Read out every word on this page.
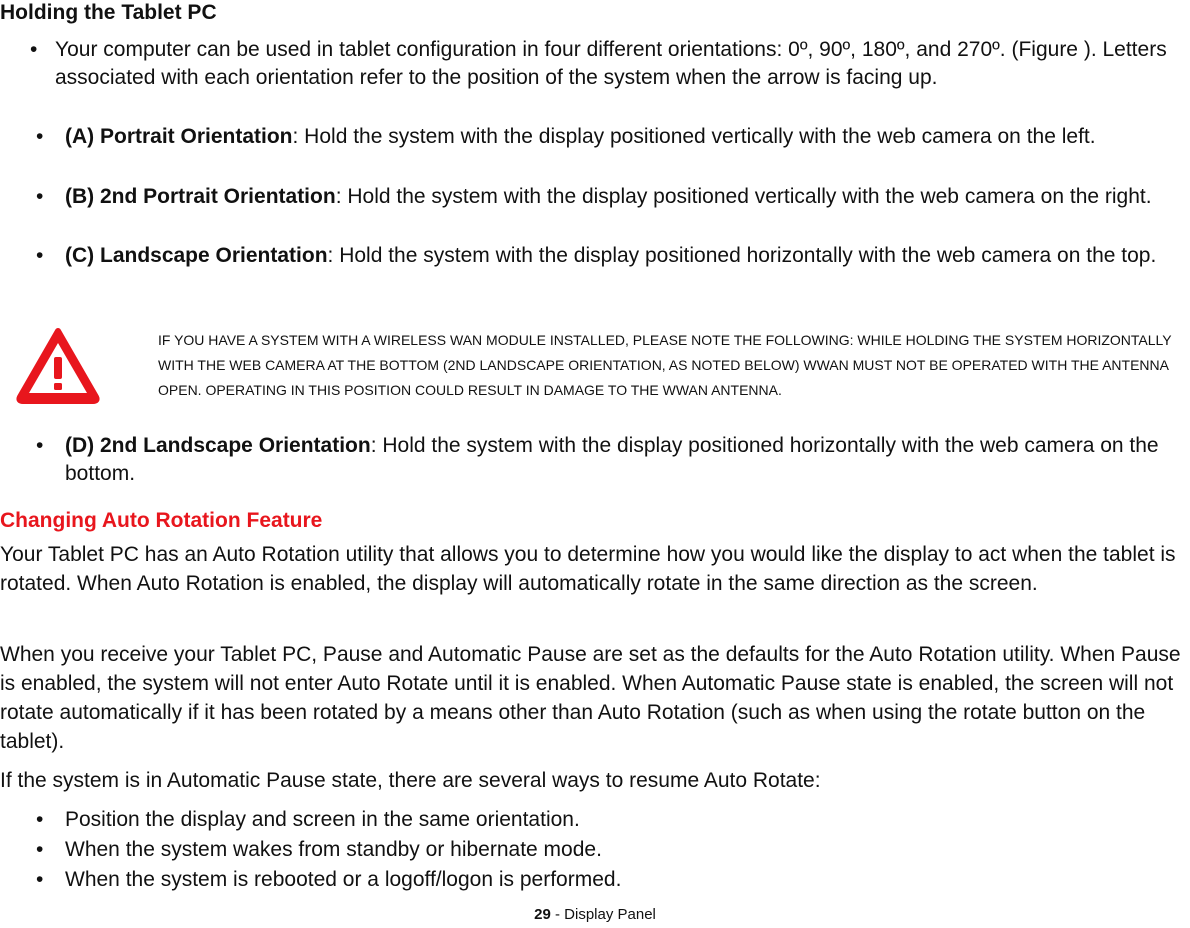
Holding the Tablet PC
• Your computer can be used in tablet configuration in four different orientations: 0º, 90º, 180º, and 270º. (Figure ). Letters associated with each orientation refer to the position of the system when the arrow is facing up.
•	(A) Portrait Orientation: Hold the system with the display positioned vertically with the web camera on the left.
•	(B) 2nd Portrait Orientation: Hold the system with the display positioned vertically with the web camera on the right.
•	(C) Landscape Orientation: Hold the system with the display positioned horizontally with the web camera on the top.
IF YOU HAVE A SYSTEM WITH A WIRELESS WAN MODULE INSTALLED, PLEASE NOTE THE FOLLOWING: WHILE HOLDING THE SYSTEM HORIZONTALLY WITH THE WEB CAMERA AT THE BOTTOM (2ND LANDSCAPE ORIENTATION, AS NOTED BELOW) WWAN MUST NOT BE OPERATED WITH THE ANTENNA OPEN. OPERATING IN THIS POSITION COULD RESULT IN DAMAGE TO THE WWAN ANTENNA.
•	(D) 2nd Landscape Orientation: Hold the system with the display positioned horizontally with the web camera on the bottom.
Changing Auto Rotation Feature

Your Tablet PC has an Auto Rotation utility that allows you to determine how you would like the display to act when the tablet is rotated. When Auto Rotation is enabled, the display will automatically rotate in the same direction as the screen.

When you receive your Tablet PC, Pause and Automatic Pause are set as the defaults for the Auto Rotation utility. When Pause is enabled, the system will not enter Auto Rotate until it is enabled. When Automatic Pause state is enabled, the screen will not rotate automatically if it has been rotated by a means other than Auto Rotation (such as when using the rotate button on the tablet).

If the system is in Automatic Pause state, there are several ways to resume Auto Rotate:

•	Position the display and screen in the same orientation.
•	When the system wakes from standby or hibernate mode.
•	When the system is rebooted or a logoff/logon is performed.
29 - Display Panel
